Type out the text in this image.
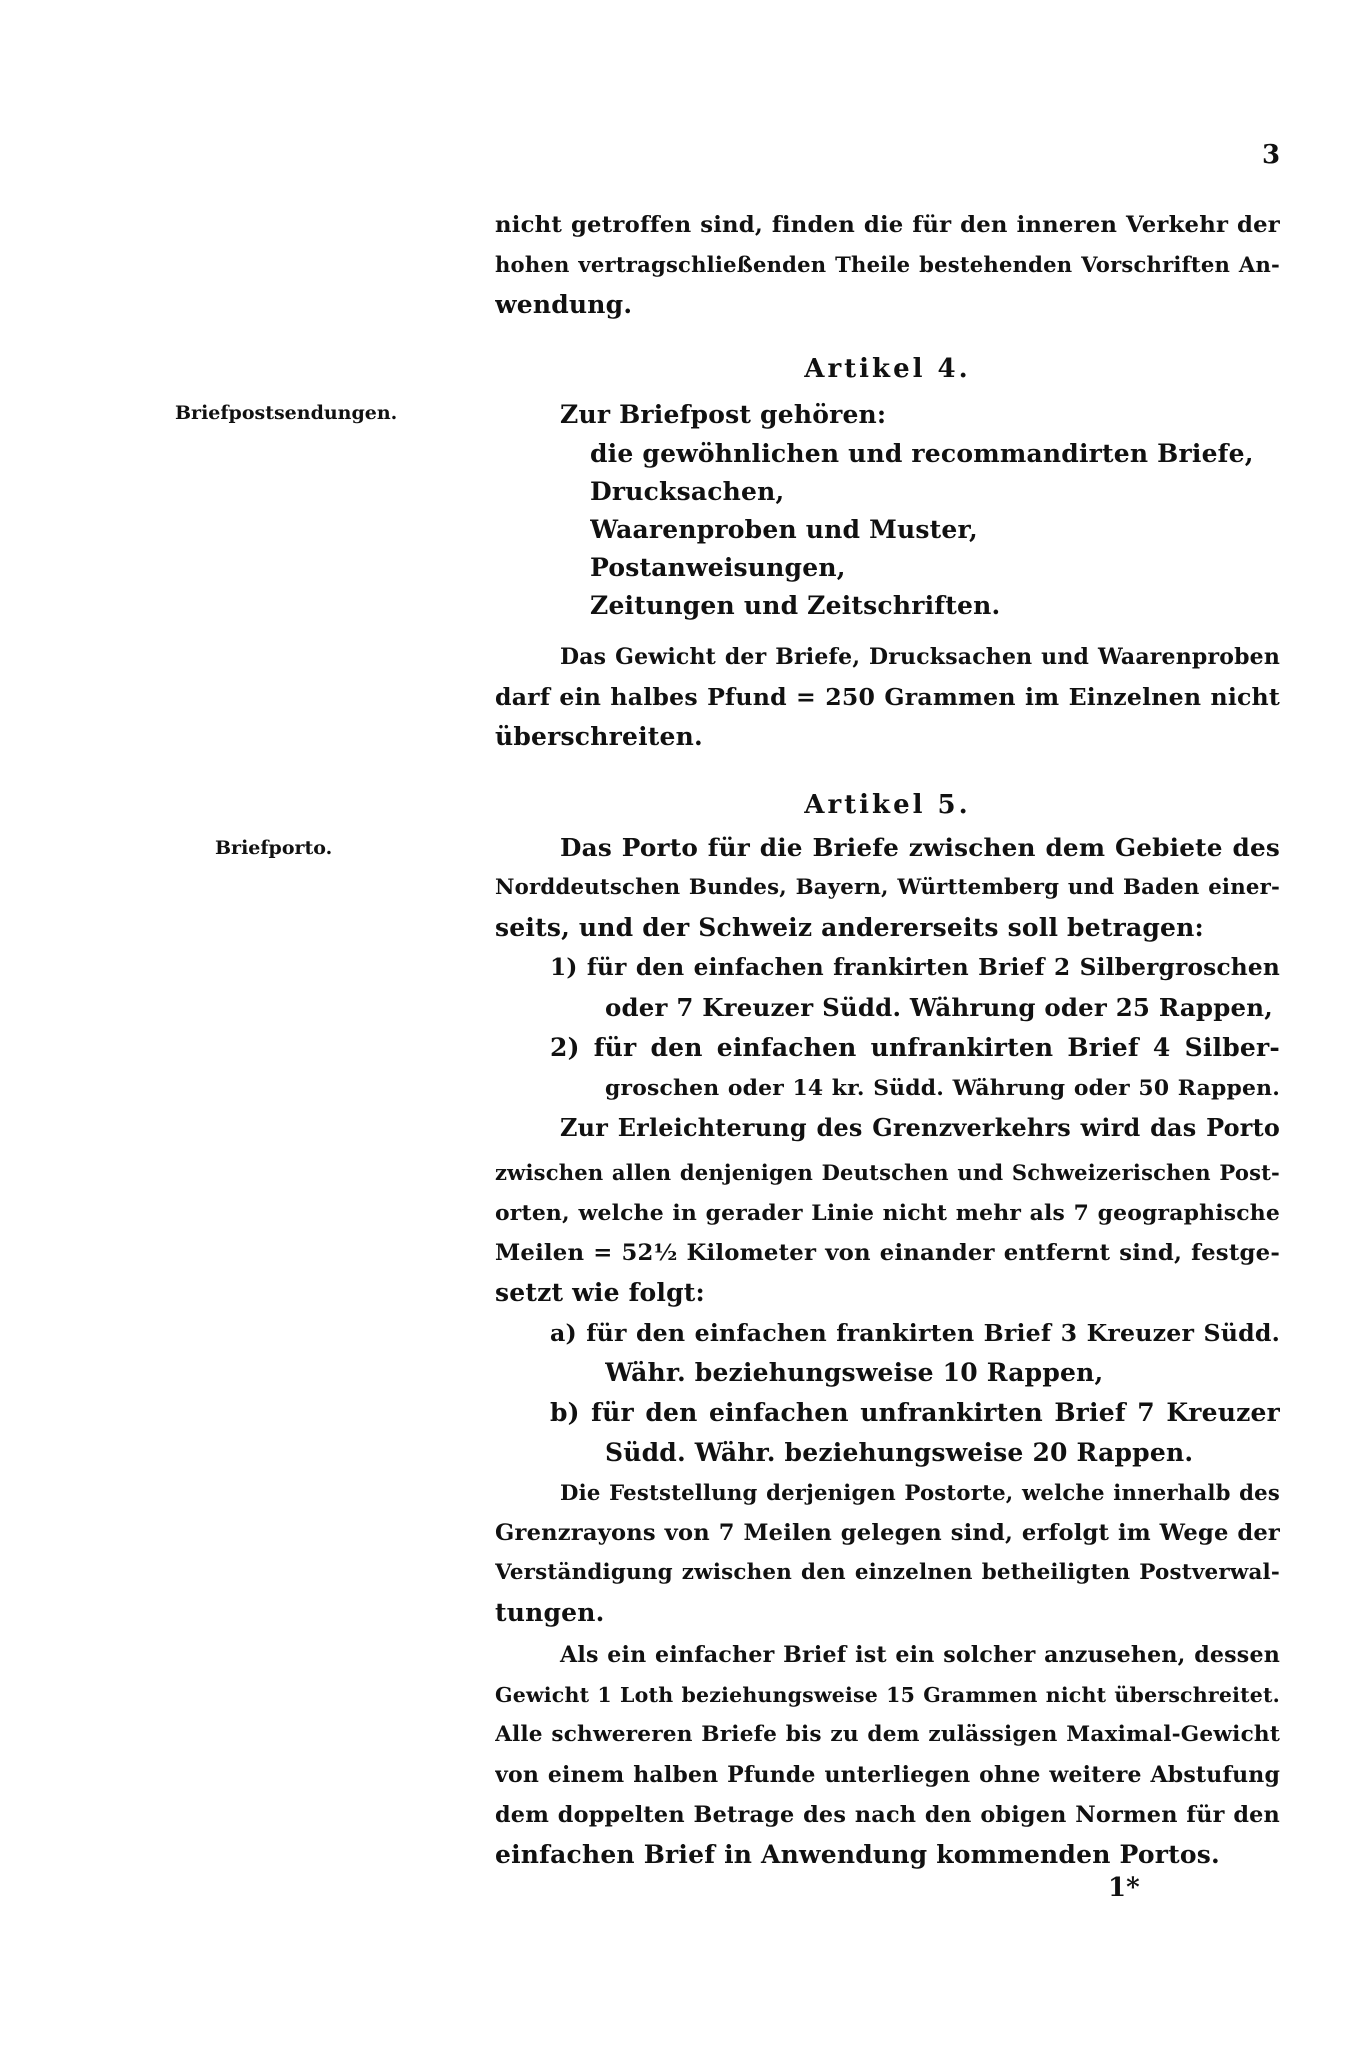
3
nicht getroffen sind, finden die für den inneren Verkehr der
hohen vertragschließenden Theile bestehenden Vorschriften An-
wendung.
Artikel 4.
Briefpostsendungen.	Zur Briefpost gehören:
die gewöhnlichen und recommandirten Briefe,
Drucksachen,
Waarenproben und Muster,
Postanweisungen,
Zeitungen und Zeitschriften.
Das Gewicht der Briefe, Drucksachen und Waarenproben
darf ein halbes Pfund = 250 Grammen im Einzelnen nicht
überschreiten.
Artikel 5.
Briefporto.	Das Porto für die Briefe zwischen dem Gebiete des
Norddeutschen Bundes, Bayern, Württemberg und Baden einer-
seits, und der Schweiz andererseits soll betragen:
1) für den einfachen frankirten Brief 2 Silbergroschen
oder 7 Kreuzer Südd. Währung oder 25 Rappen,
2) für den einfachen unfrankirten Brief 4 Silber-
groschen oder 14 kr. Südd. Währung oder 50 Rappen.
Zur Erleichterung des Grenzverkehrs wird das Porto
zwischen allen denjenigen Deutschen und Schweizerischen Post-
orten, welche in gerader Linie nicht mehr als 7 geographische
Meilen = 52½ Kilometer von einander entfernt sind, festge-
setzt wie folgt:
a) für den einfachen frankirten Brief 3 Kreuzer Südd.
Währ. beziehungsweise 10 Rappen,
b) für den einfachen unfrankirten Brief 7 Kreuzer
Südd. Währ. beziehungsweise 20 Rappen.
Die Feststellung derjenigen Postorte, welche innerhalb des
Grenzrayons von 7 Meilen gelegen sind, erfolgt im Wege der
Verständigung zwischen den einzelnen betheiligten Postverwal-
tungen.
Als ein einfacher Brief ist ein solcher anzusehen, dessen
Gewicht 1 Loth beziehungsweise 15 Grammen nicht überschreitet.
Alle schwereren Briefe bis zu dem zulässigen Maximal-Gewicht
von einem halben Pfunde unterliegen ohne weitere Abstufung
dem doppelten Betrage des nach den obigen Normen für den
einfachen Brief in Anwendung kommenden Portos.
1*
